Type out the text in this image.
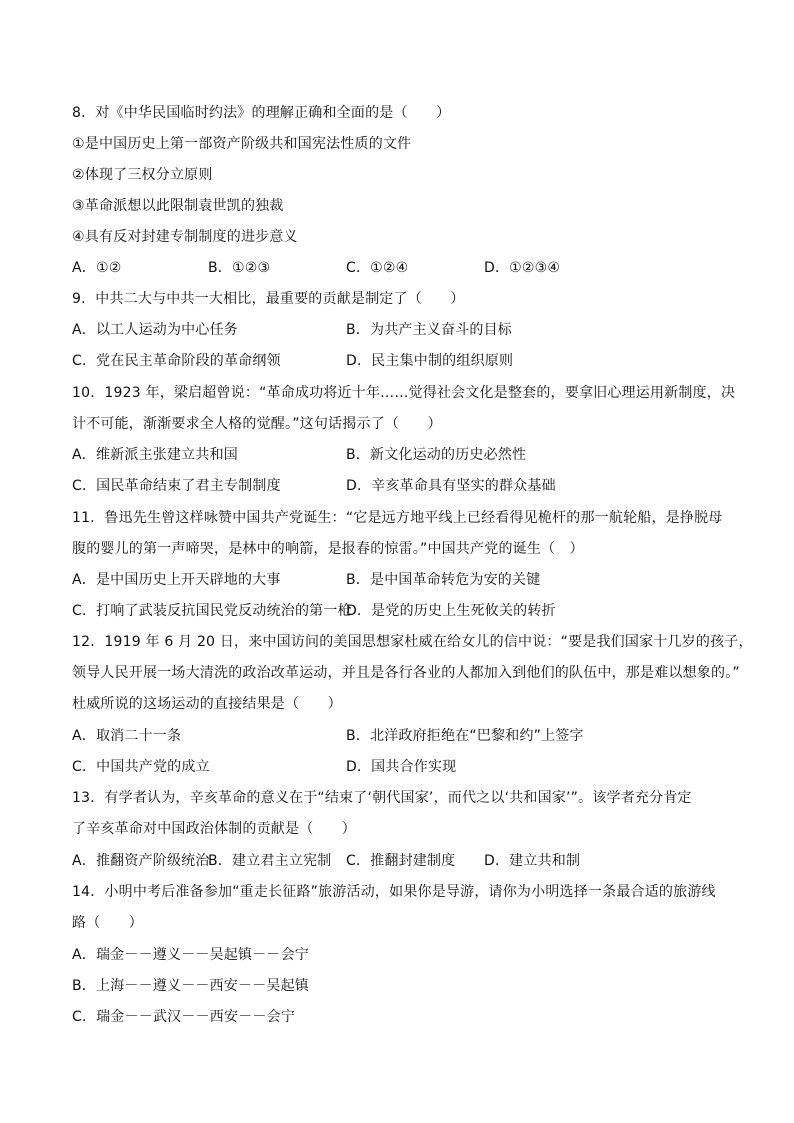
8．对《中华民国临时约法》的理解正确和全面的是（　　）
①是中国历史上第一部资产阶级共和国宪法性质的文件
②体现了三权分立原则
③革命派想以此限制袁世凯的独裁
④具有反对封建专制制度的进步意义
A．①②	B．①②③	C．①②④	D．①②③④
9．中共二大与中共一大相比，最重要的贡献是制定了（　　）
A．以工人运动为中心任务	B．为共产主义奋斗的目标
C．党在民主革命阶段的革命纲领	D．民主集中制的组织原则
10．1923 年，梁启超曾说：“革命成功将近十年……觉得社会文化是整套的，要拿旧心理运用新制度，决
计不可能，渐渐要求全人格的觉醒。”这句话揭示了（　　）
A．维新派主张建立共和国	B．新文化运动的历史必然性
C．国民革命结束了君主专制制度	D．辛亥革命具有坚实的群众基础
11．鲁迅先生曾这样咏赞中国共产党诞生：“它是远方地平线上已经看得见桅杆的那一航轮船，是挣脱母
腹的婴儿的第一声啼哭，是林中的响箭，是报春的惊雷。”中国共产党的诞生（　）
A．是中国历史上开天辟地的大事	B．是中国革命转危为安的关键
C．打响了武装反抗国民党反动统治的第一枪
D．是党的历史上生死攸关的转折
12．1919 年 6 月 20 日，来中国访问的美国思想家杜威在给女儿的信中说：“要是我们国家十几岁的孩子，
领导人民开展一场大清洗的政治改革运动，并且是各行各业的人都加入到他们的队伍中，那是难以想象的。”
杜威所说的这场运动的直接结果是（　　）
A．取消二十一条	B．北洋政府拒绝在“巴黎和约”上签字
C．中国共产党的成立	D．国共合作实现
13．有学者认为，辛亥革命的意义在于“结束了‘朝代国家’，而代之以‘共和国家’”。该学者充分肯定
了辛亥革命对中国政治体制的贡献是（　　）
A．推翻资产阶级统治
B．建立君主立宪制 C．推翻封建制度 D．建立共和制
14．小明中考后准备参加“重走长征路”旅游活动，如果你是导游，请你为小明选择一条最合适的旅游线
路（　　）
A．瑞金－－遵义－－吴起镇－－会宁
B．上海－－遵义－－西安－－吴起镇
C．瑞金－－武汉－－西安－－会宁
